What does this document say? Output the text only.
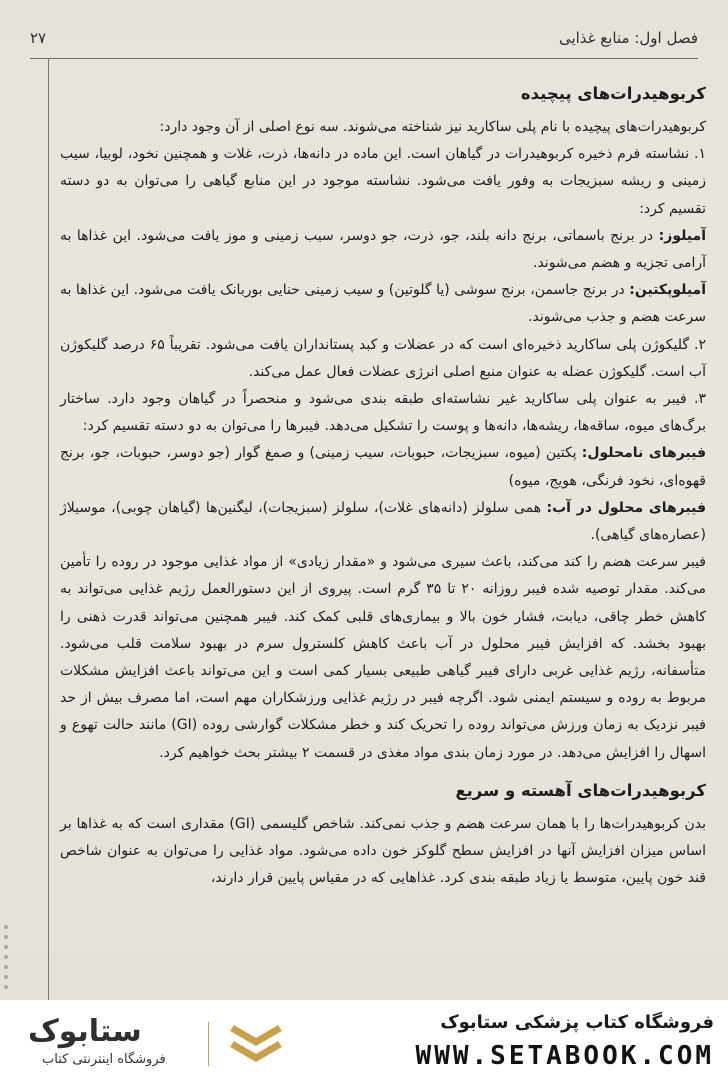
فصل اول: منابع غذایی
۲۷
کربوهیدرات‌های پیچیده

کربوهیدرات‌های پیچیده با نام پلی ساکارید نیز شناخته می‌شوند. سه نوع اصلی از آن وجود دارد:

۱. نشاسته فرم ذخیره کربوهیدرات در گیاهان است. این ماده در دانه‌ها، ذرت، غلات و همچنین نخود، لوبیا، سیب زمینی و ریشه سبزیجات به وفور یافت می‌شود. نشاسته موجود در این منابع گیاهی را می‌توان به دو دسته تقسیم کرد:

آمیلوز: در برنج باسماتی، برنج دانه بلند، جو، ذرت، جو دوسر، سیب زمینی و موز یافت می‌شود. این غذاها به آرامی تجزیه و هضم می‌شوند.

آمیلوپکتین: در برنج جاسمن، برنج سوشی (یا گلوتین) و سیب زمینی حنایی بوربانک یافت می‌شود. این غذاها به سرعت هضم و جذب می‌شوند.

۲. گلیکوژن پلی ساکارید ذخیره‌ای است که در عضلات و کبد پستانداران یافت می‌شود. تقریباً ۶۵ درصد گلیکوژن آب است. گلیکوژن عضله به عنوان منبع اصلی انرژی عضلات فعال عمل می‌کند.

۳. فیبر به عنوان پلی ساکارید غیر نشاسته‌ای طبقه بندی می‌شود و منحصراً در گیاهان وجود دارد. ساختار برگ‌های میوه، ساقه‌ها، ریشه‌ها، دانه‌ها و پوست را تشکیل می‌دهد. فیبرها را می‌توان به دو دسته تقسیم کرد:

فیبرهای نامحلول: پکتین (میوه، سبزیجات، حبوبات، سیب زمینی) و صمغ گوار (جو دوسر، حبوبات، جو، برنج قهوه‌ای، نخود فرنگی، هویج، میوه)

فیبرهای محلول در آب: همی سلولز (دانه‌های غلات)، سلولز (سبزیجات)، لیگنین‌ها (گیاهان چوبی)، موسیلاژ (عصاره‌های گیاهی).

فیبر سرعت هضم را کند می‌کند، باعث سیری می‌شود و «مقدار زیادی» از مواد غذایی موجود در روده را تأمین می‌کند. مقدار توصیه شده فیبر روزانه ۲۰ تا ۳۵ گرم است. پیروی از این دستورالعمل رژیم غذایی می‌تواند به کاهش خطر چاقی، دیابت، فشار خون بالا و بیماری‌های قلبی کمک کند. فیبر همچنین می‌تواند قدرت ذهنی را بهبود بخشد. که افزایش فیبر محلول در آب باعث کاهش کلسترول سرم در بهبود سلامت قلب می‌شود. متأسفانه، رژیم غذایی غربی دارای فیبر گیاهی طبیعی بسیار کمی است و این می‌تواند باعث افزایش مشکلات مربوط به روده و سیستم ایمنی شود. اگرچه فیبر در رژیم غذایی ورزشکاران مهم است، اما مصرف بیش از حد فیبر نزدیک به زمان ورزش می‌تواند روده را تحریک کند و خطر مشکلات گوارشی روده (GI) مانند حالت تهوع و اسهال را افزایش می‌دهد. در مورد زمان بندی مواد مغذی در قسمت ۲ بیشتر بحث خواهیم کرد.

کربوهیدرات‌های آهسته و سریع

بدن کربوهیدرات‌ها را با همان سرعت هضم و جذب نمی‌کند. شاخص گلیسمی (GI) مقداری است که به غذاها بر اساس میزان افزایش آنها در افزایش سطح گلوکز خون داده می‌شود. مواد غذایی را می‌توان به عنوان شاخص قند خون پایین، متوسط یا زیاد طبقه بندی کرد. غذاهایی که در مقیاس پایین قرار دارند،

ستابوک
فروشگاه اینترنتی کتاب
فروشگاه کتاب پزشکی ستابوک
WWW.SETABOOK.COM
